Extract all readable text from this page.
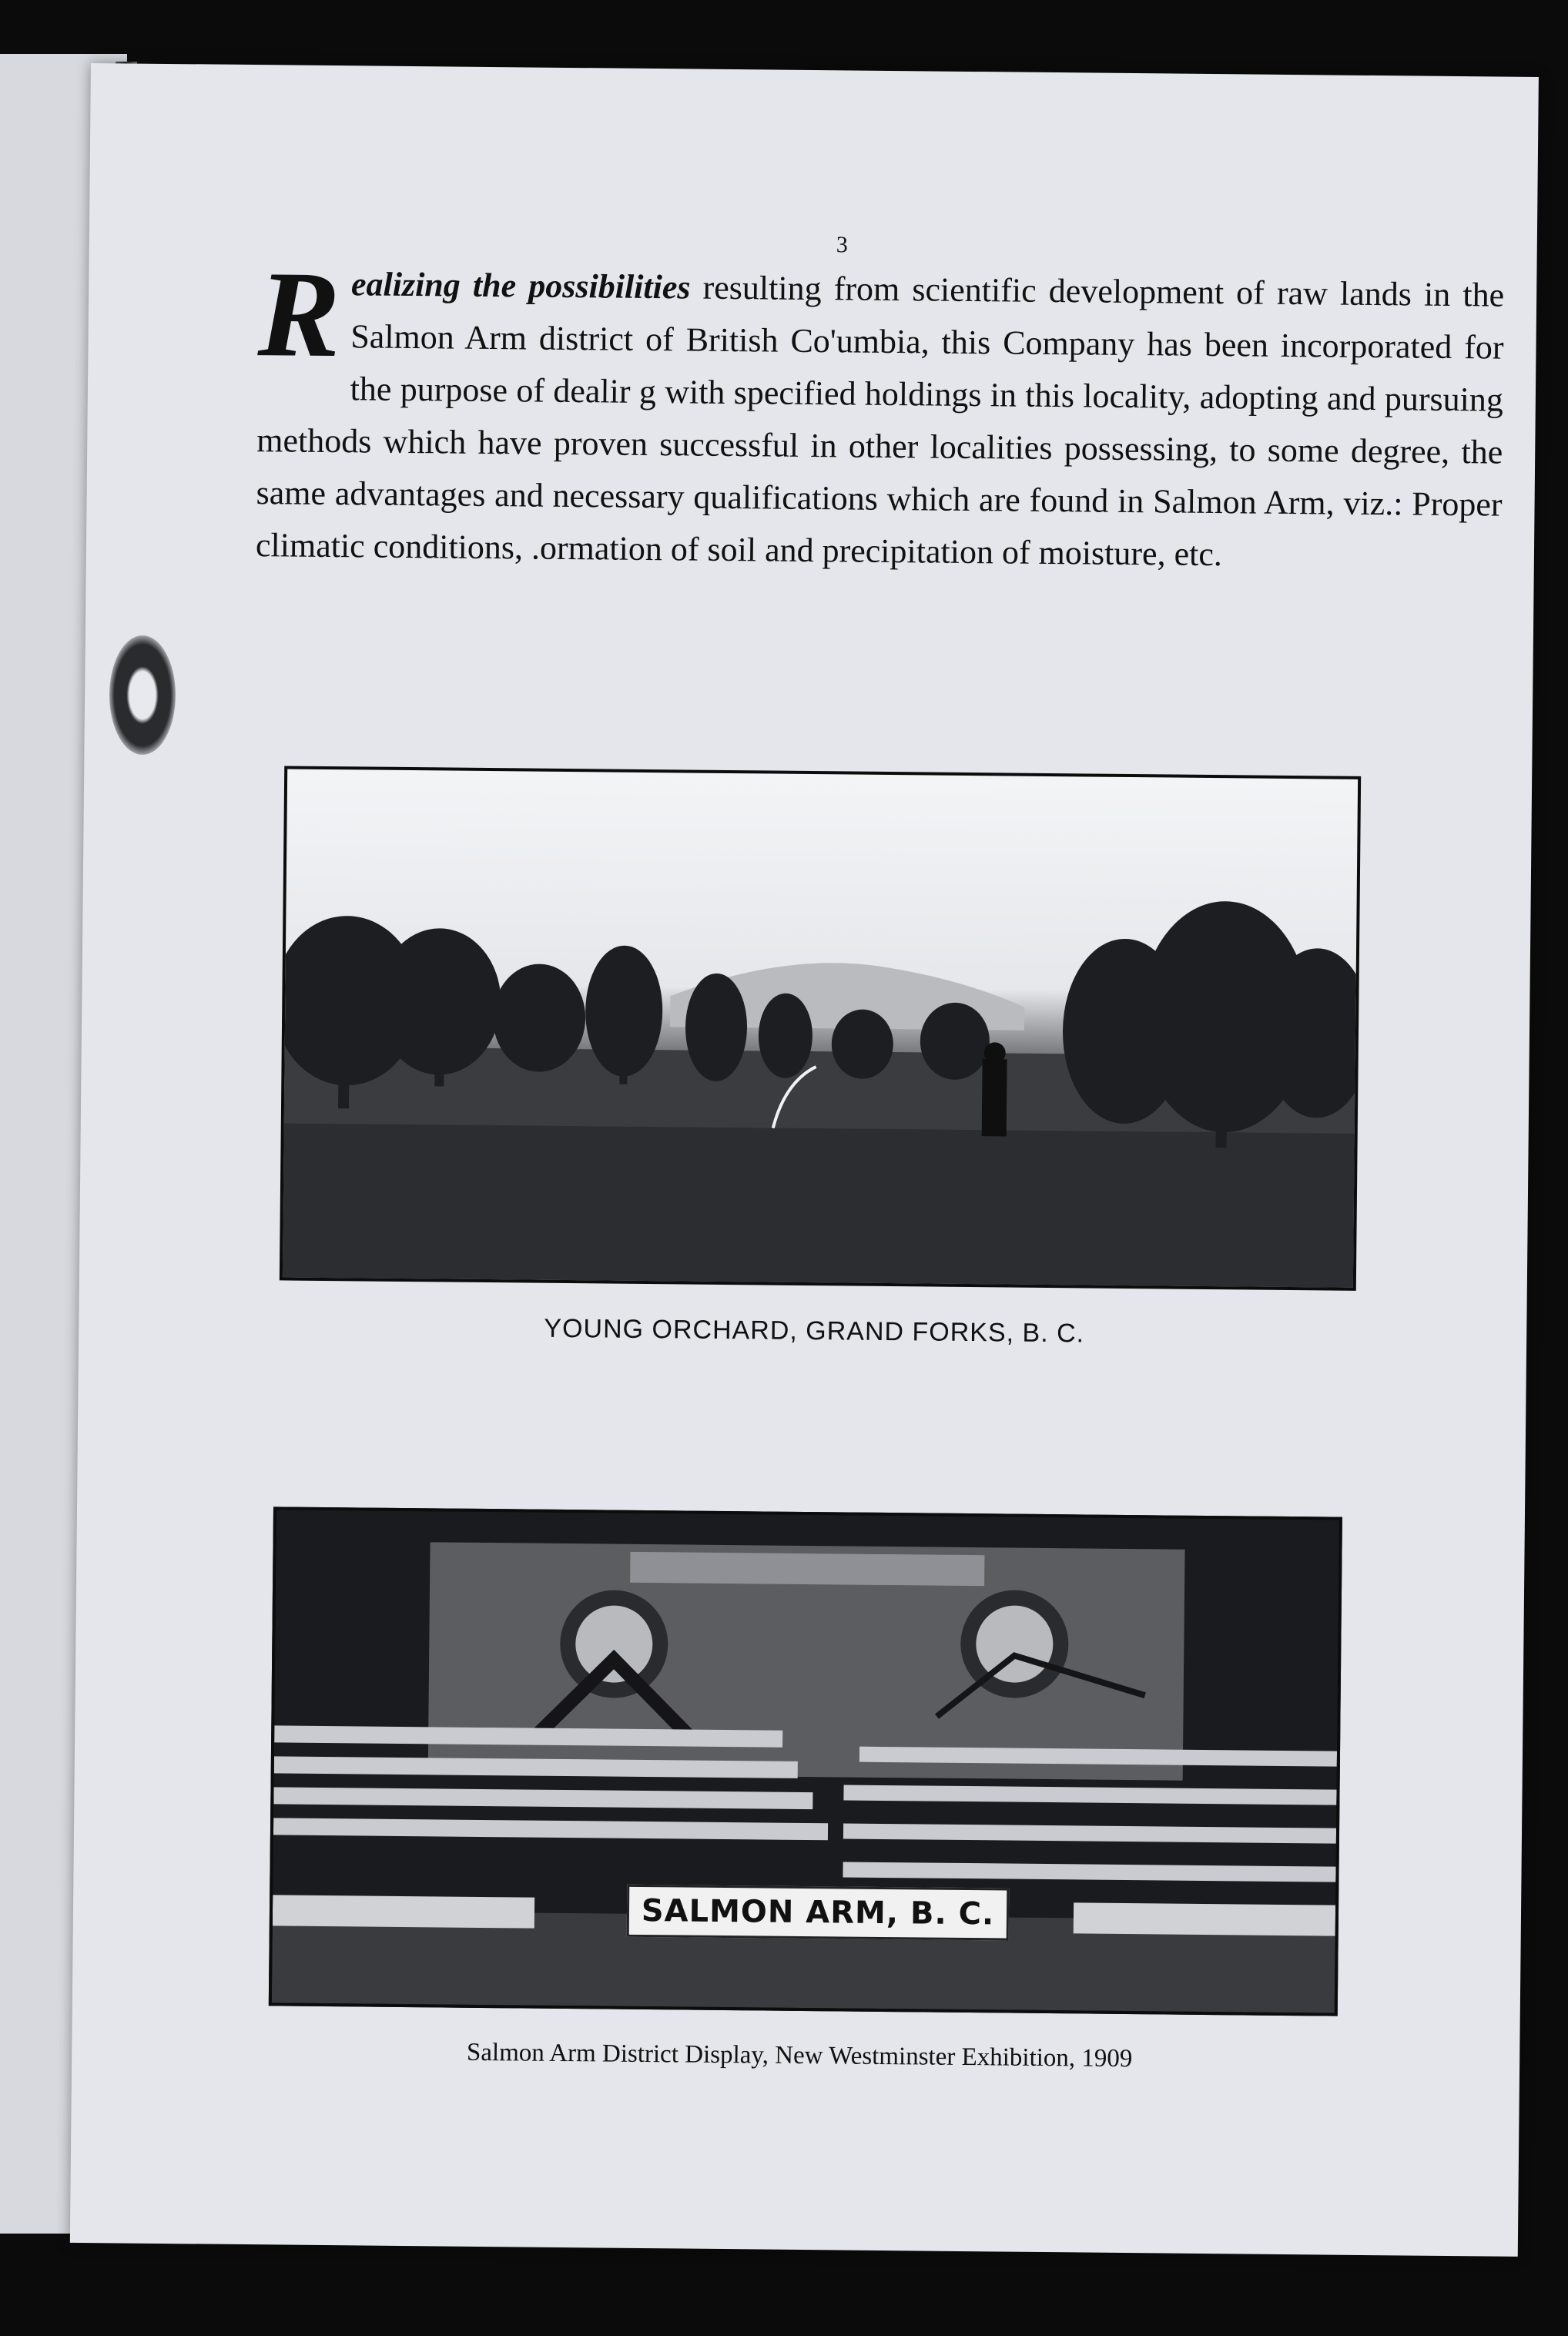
3
Realizing the possibilities resulting from scientific development of raw lands in the Salmon Arm district of British Co'umbia, this Company has been incorporated for the purpose of dealir g with specified holdings in this locality, adopting and pursuing methods which have proven successful in other localities possessing, to some degree, the same advantages and necessary qualifications which are found in Salmon Arm, viz.: Proper climatic conditions, .ormation of soil and precipitation of moisture, etc.
YOUNG ORCHARD, GRAND FORKS, B. C.
SALMON ARM, B. C.
Salmon Arm District Display, New Westminster Exhibition, 1909
